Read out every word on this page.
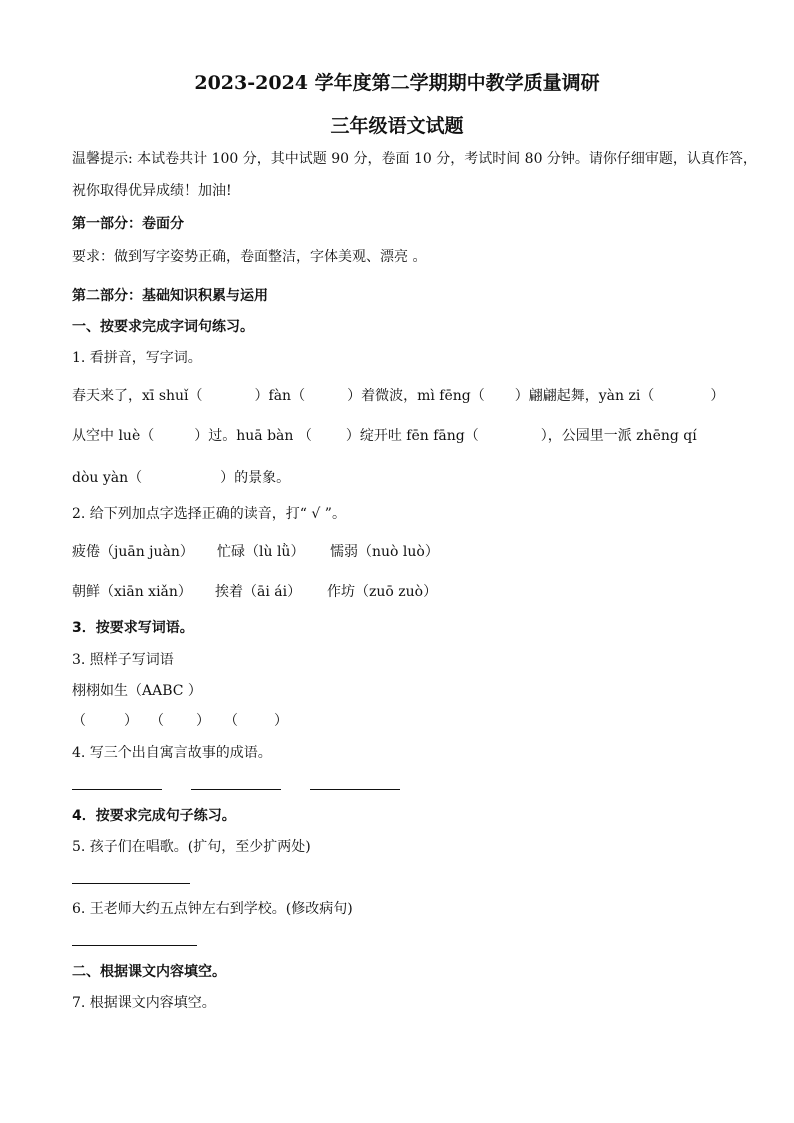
2023-2024 学年度第二学期期中教学质量调研
三年级语文试题
温馨提示: 本试卷共计 100 分，其中试题 90 分，卷面 10 分，考试时间 80 分钟。请你仔细审题，认真作答，
祝你取得优异成绩！加油!
第一部分：卷面分
要求：做到写字姿势正确，卷面整洁，字体美观、漂亮 。
第二部分：基础知识积累与运用
一、按要求完成字词句练习。
1. 看拼音，写字词。
春天来了，xī shuǐ（	）fàn（	）着微波，mì fēng（ ）翩翩起舞，yàn zi（	）
从空中 luè（	）过。huā bàn （ ）绽开吐 fēn fāng（	），公园里一派 zhēng qí
dòu yàn（	）的景象。
2. 给下列加点字选择正确的读音，打“ √ ”。
疲倦（juān juàn） 忙碌（lù lǜ） 懦弱（nuò luò）
朝鲜（xiān xiǎn） 挨着（āi ái） 作坊（zuō zuò）
3．按要求写词语。
3. 照样子写词语
栩栩如生（AABC ）
（	） （ ） （	）
4. 写三个出自寓言故事的成语。
4．按要求完成句子练习。
5. 孩子们在唱歌。(扩句，至少扩两处)
6. 王老师大约五点钟左右到学校。(修改病句)
二、根据课文内容填空。
7. 根据课文内容填空。
